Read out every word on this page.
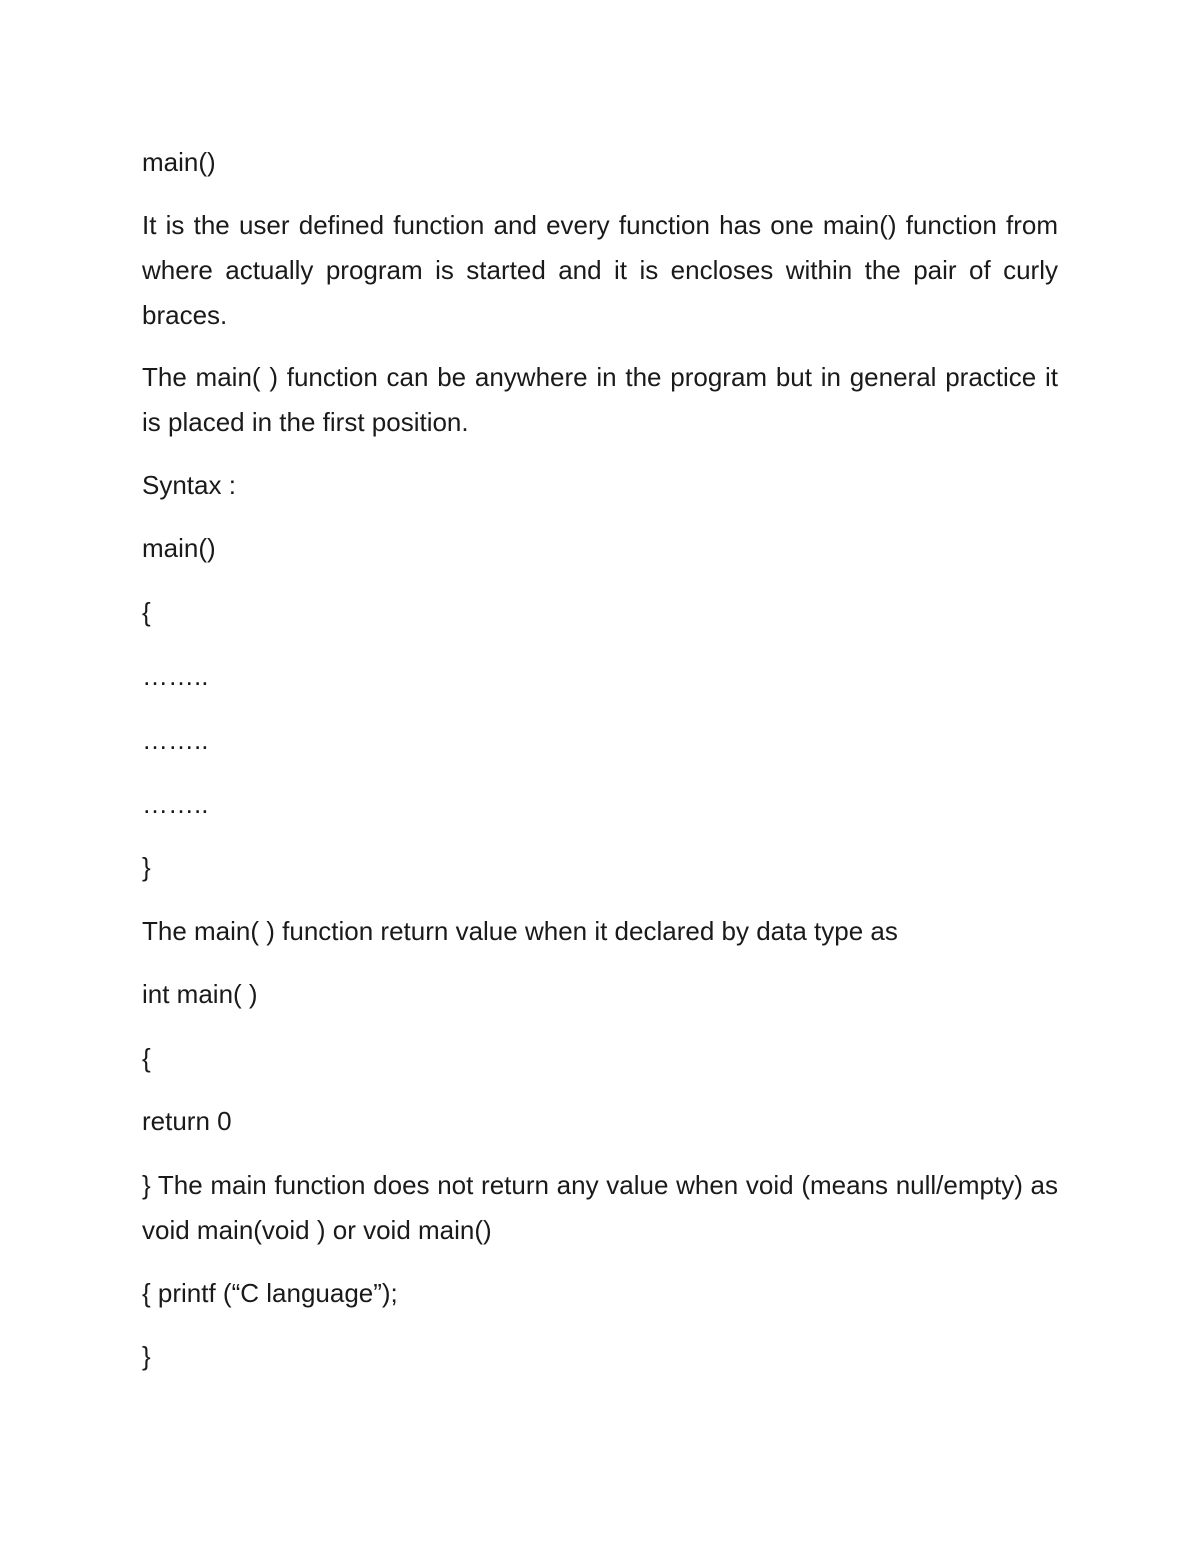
main()

It is the user defined function and every function has one main() function from where actually program is started and it is encloses within the pair of curly braces.

The main( ) function can be anywhere in the program but in general practice it is placed in the first position.

Syntax :

main()

{

……..

……..

……..

}

The main( ) function return value when it declared by data type as

int main( )

{

return 0

} The main function does not return any value when void (means null/empty) as void main(void ) or void main()

{ printf (“C language”);

}
